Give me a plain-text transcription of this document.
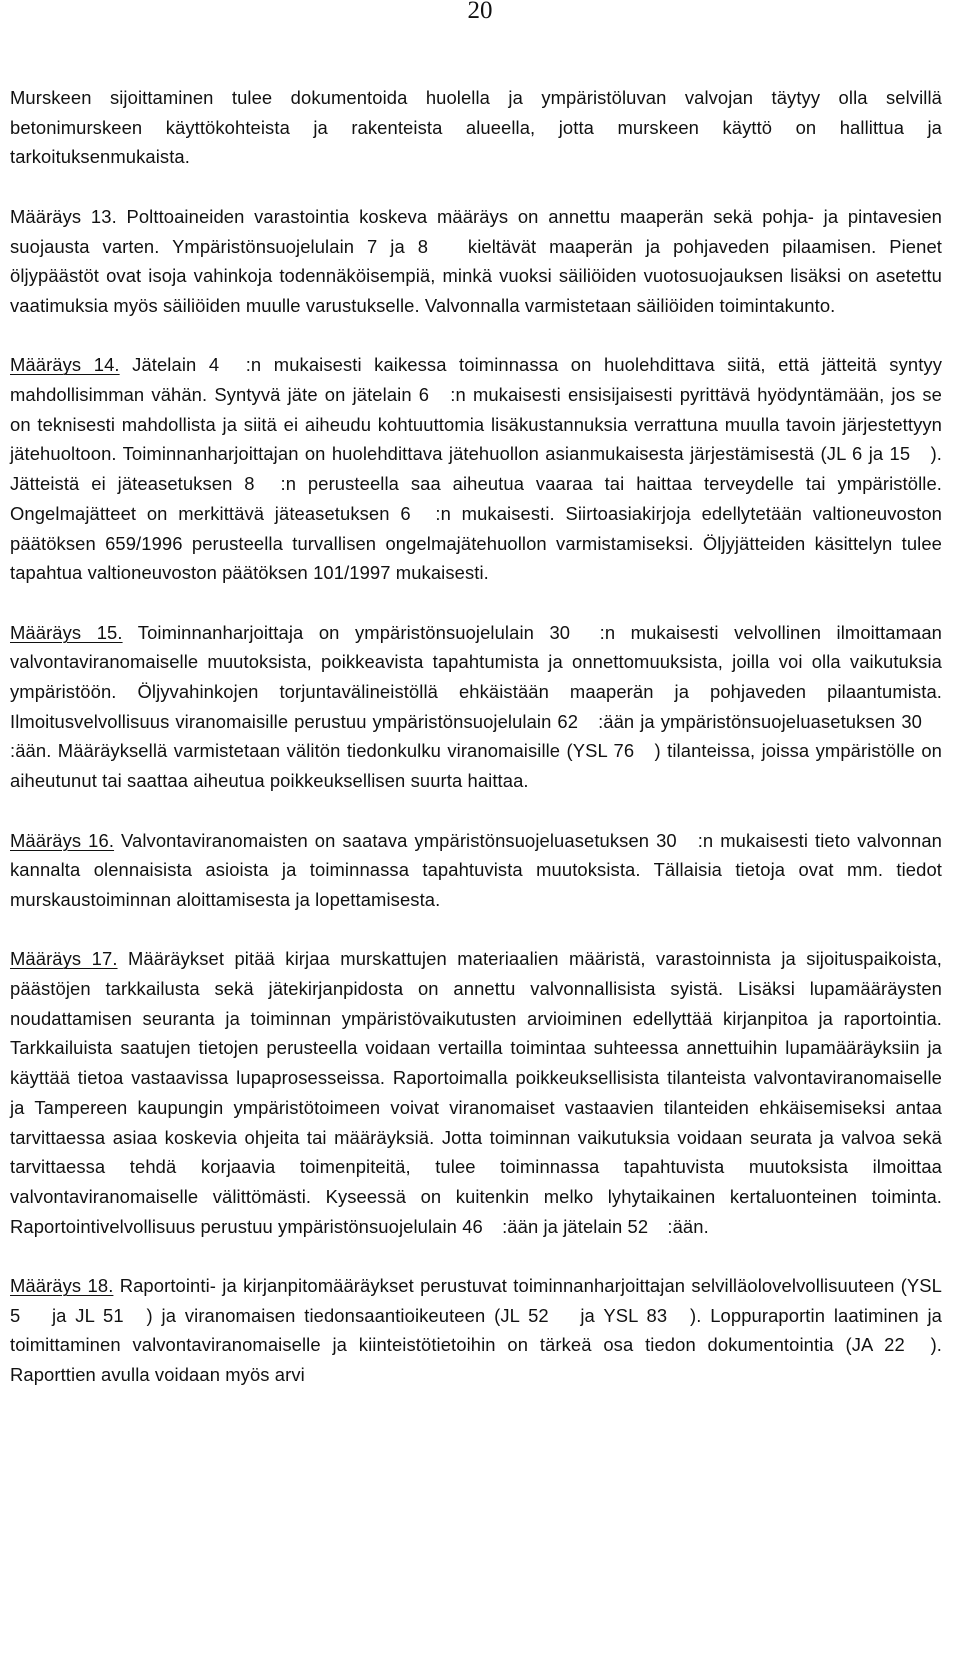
20

Murskeen sijoittaminen tulee dokumentoida huolella ja ympäristöluvan valvojan täytyy olla selvillä betonimurskeen käyttökohteista ja rakenteista alueella, jotta murskeen käyttö on hallittua ja tarkoituksenmukaista.

Määräys 13. Polttoaineiden varastointia koskeva määräys on annettu maaperän sekä pohja- ja pintavesien suojausta varten. Ympäristönsuojelulain 7 ja 8
kieltävät maaperän ja pohjaveden pilaamisen. Pienet öljypäästöt ovat isoja vahinkoja todennäköisempiä, minkä vuoksi säiliöiden vuotosuojauksen lisäksi on asetettu vaatimuksia myös säiliöiden muulle varustukselle. Valvonnalla varmistetaan säiliöiden toimintakunto.

Määräys 14. Jätelain 4
:n mukaisesti kaikessa toiminnassa on huolehdittava siitä, että jätteitä syntyy mahdollisimman vähän. Syntyvä jäte on jätelain 6
:n mukaisesti ensisijaisesti pyrittävä hyödyntämään, jos se on teknisesti mahdollista ja siitä ei aiheudu kohtuuttomia lisäkustannuksia verrattuna muulla tavoin järjestettyyn jätehuoltoon. Toiminnanharjoittajan on huolehdittava jätehuollon asianmukaisesta järjestämisestä (JL 6 ja 15
). Jätteistä ei jäteasetuksen 8
:n perusteella saa aiheutua vaaraa tai haittaa terveydelle tai ympäristölle. Ongelmajätteet on merkittävä jäteasetuksen 6
:n mukaisesti. Siirtoasiakirjoja edellytetään valtioneuvoston päätöksen 659/1996 perusteella turvallisen ongelmajätehuollon varmistamiseksi. Öljyjätteiden käsittelyn tulee tapahtua valtioneuvoston päätöksen 101/1997 mukaisesti.

Määräys 15. Toiminnanharjoittaja on ympäristönsuojelulain 30
:n mukaisesti velvollinen ilmoittamaan valvontaviranomaiselle muutoksista, poikkeavista tapahtumista ja onnettomuuksista, joilla voi olla vaikutuksia ympäristöön. Öljyvahinkojen torjuntavälineistöllä ehkäistään maaperän ja pohjaveden pilaantumista. Ilmoitusvelvollisuus viranomaisille perustuu ympäristönsuojelulain 62
:ään ja ympäristönsuojeluasetuksen 30
:ään. Määräyksellä varmistetaan välitön tiedonkulku viranomaisille (YSL 76
) tilanteissa, joissa ympäristölle on aiheutunut tai saattaa aiheutua poikkeuksellisen suurta haittaa.

Määräys 16. Valvontaviranomaisten on saatava ympäristönsuojeluasetuksen 30
:n mukaisesti tieto valvonnan kannalta olennaisista asioista ja toiminnassa tapahtuvista muutoksista. Tällaisia tietoja ovat mm. tiedot murskaustoiminnan aloittamisesta ja lopettamisesta.

Määräys 17. Määräykset pitää kirjaa murskattujen materiaalien määristä, varastoinnista ja sijoituspaikoista, päästöjen tarkkailusta sekä jätekirjanpidosta on annettu valvonnallisista syistä. Lisäksi lupamääräysten noudattamisen seuranta ja toiminnan ympäristövaikutusten arvioiminen edellyttää kirjanpitoa ja raportointia. Tarkkailuista saatujen tietojen perusteella voidaan vertailla toimintaa suhteessa annettuihin lupamääräyksiin ja käyttää tietoa vastaavissa lupaprosesseissa. Raportoimalla poikkeuksellisista tilanteista valvontaviranomaiselle ja Tampereen kaupungin ympäristötoimeen voivat viranomaiset vastaavien tilanteiden ehkäisemiseksi antaa tarvittaessa asiaa koskevia ohjeita tai määräyksiä. Jotta toiminnan vaikutuksia voidaan seurata ja valvoa sekä tarvittaessa tehdä korjaavia toimenpiteitä, tulee toiminnassa tapahtuvista muutoksista ilmoittaa valvontaviranomaiselle välittömästi. Kyseessä on kuitenkin melko lyhytaikainen kertaluonteinen toiminta. Raportointivelvollisuus perustuu ympäristönsuojelulain 46
:ään ja jätelain 52
:ään.

Määräys 18. Raportointi- ja kirjanpitomääräykset perustuvat toiminnanharjoittajan selvilläolovelvollisuuteen (YSL 5
ja JL 51
) ja viranomaisen tiedonsaantioikeuteen (JL 52
ja YSL 83
). Loppuraportin laatiminen ja toimittaminen valvontaviranomaiselle ja kiinteistötietoihin on tärkeä osa tiedon dokumentointia (JA 22
). Raporttien avulla voidaan myös arvi
